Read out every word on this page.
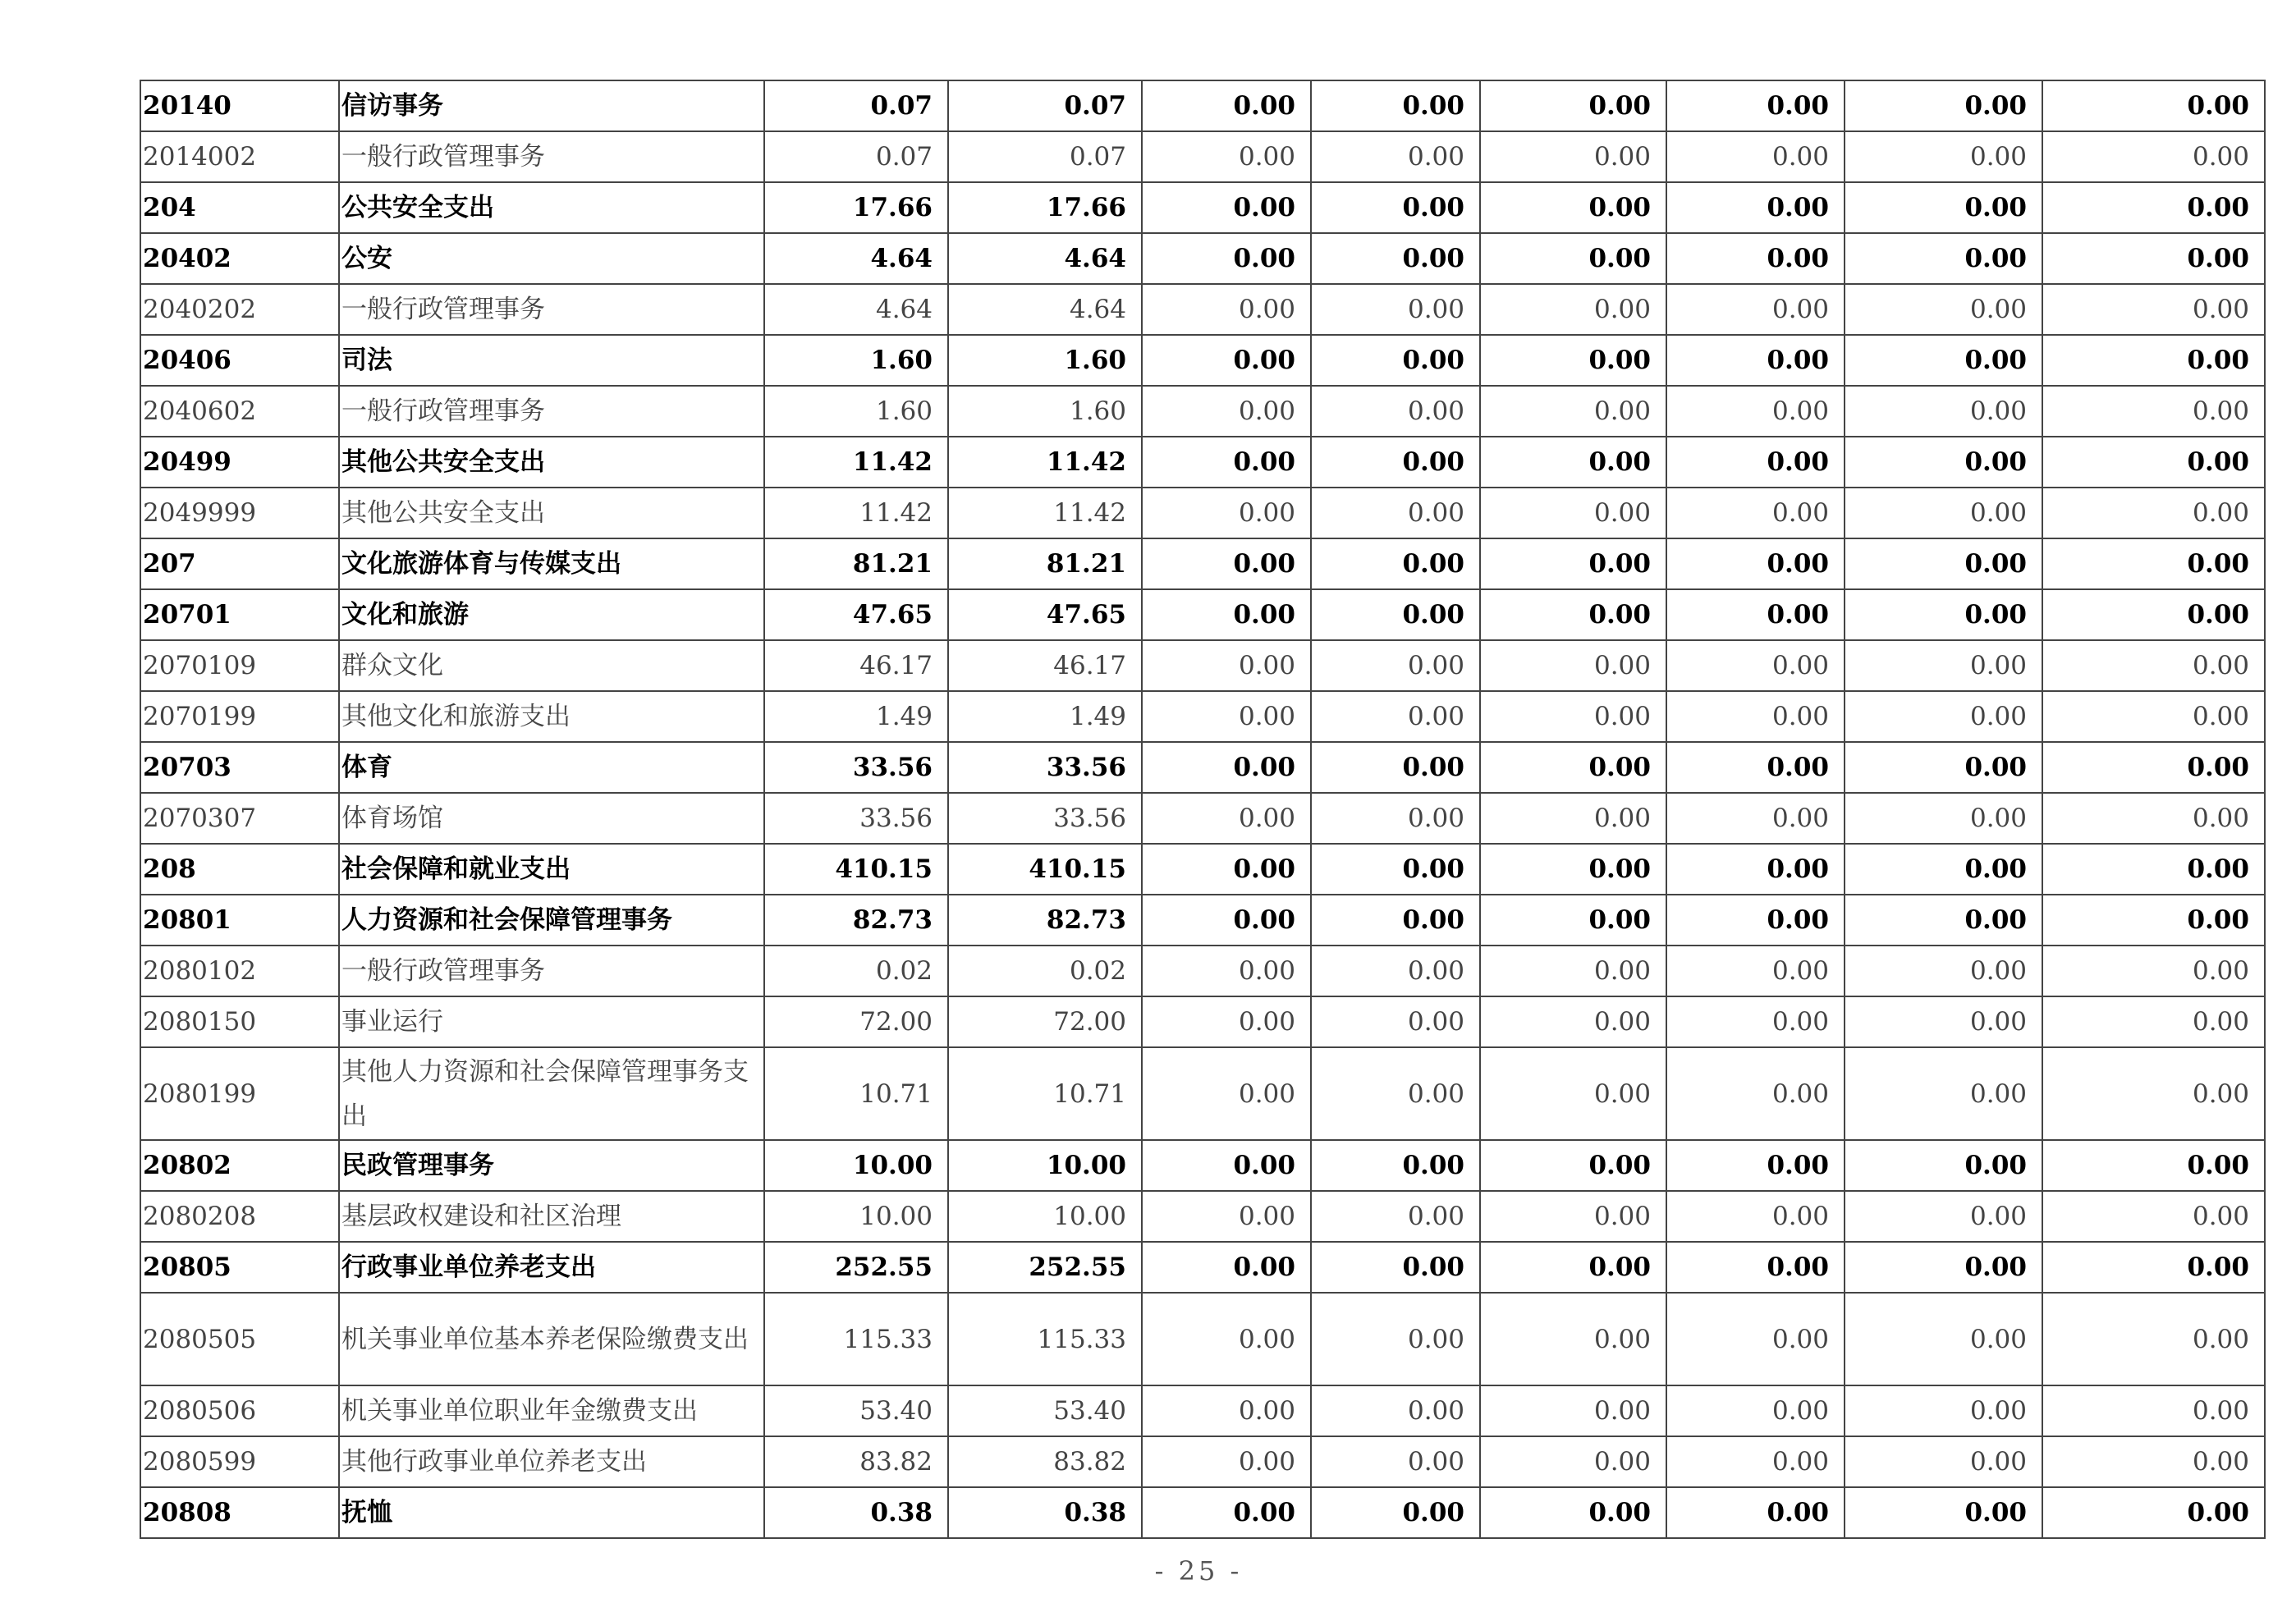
20140	信访事务	0.07	0.07	0.00	0.00	0.00	0.00	0.00	0.00
2014002	一般行政管理事务	0.07	0.07	0.00	0.00	0.00	0.00	0.00	0.00
204	公共安全支出	17.66	17.66	0.00	0.00	0.00	0.00	0.00	0.00
20402	公安	4.64	4.64	0.00	0.00	0.00	0.00	0.00	0.00
2040202	一般行政管理事务	4.64	4.64	0.00	0.00	0.00	0.00	0.00	0.00
20406	司法	1.60	1.60	0.00	0.00	0.00	0.00	0.00	0.00
2040602	一般行政管理事务	1.60	1.60	0.00	0.00	0.00	0.00	0.00	0.00
20499	其他公共安全支出	11.42	11.42	0.00	0.00	0.00	0.00	0.00	0.00
2049999	其他公共安全支出	11.42	11.42	0.00	0.00	0.00	0.00	0.00	0.00
207	文化旅游体育与传媒支出	81.21	81.21	0.00	0.00	0.00	0.00	0.00	0.00
20701	文化和旅游	47.65	47.65	0.00	0.00	0.00	0.00	0.00	0.00
2070109	群众文化	46.17	46.17	0.00	0.00	0.00	0.00	0.00	0.00
2070199	其他文化和旅游支出	1.49	1.49	0.00	0.00	0.00	0.00	0.00	0.00
20703	体育	33.56	33.56	0.00	0.00	0.00	0.00	0.00	0.00
2070307	体育场馆	33.56	33.56	0.00	0.00	0.00	0.00	0.00	0.00
208	社会保障和就业支出	410.15	410.15	0.00	0.00	0.00	0.00	0.00	0.00
20801	人力资源和社会保障管理事务	82.73	82.73	0.00	0.00	0.00	0.00	0.00	0.00
2080102	一般行政管理事务	0.02	0.02	0.00	0.00	0.00	0.00	0.00	0.00
2080150	事业运行	72.00	72.00	0.00	0.00	0.00	0.00	0.00	0.00
2080199	其他人力资源和社会保障管理事务支出	10.71	10.71	0.00	0.00	0.00	0.00	0.00	0.00
20802	民政管理事务	10.00	10.00	0.00	0.00	0.00	0.00	0.00	0.00
2080208	基层政权建设和社区治理	10.00	10.00	0.00	0.00	0.00	0.00	0.00	0.00
20805	行政事业单位养老支出	252.55	252.55	0.00	0.00	0.00	0.00	0.00	0.00
2080505	机关事业单位基本养老保险缴费支出	115.33	115.33	0.00	0.00	0.00	0.00	0.00	0.00
2080506	机关事业单位职业年金缴费支出	53.40	53.40	0.00	0.00	0.00	0.00	0.00	0.00
2080599	其他行政事业单位养老支出	83.82	83.82	0.00	0.00	0.00	0.00	0.00	0.00
20808	抚恤	0.38	0.38	0.00	0.00	0.00	0.00	0.00	0.00
- 25 -
